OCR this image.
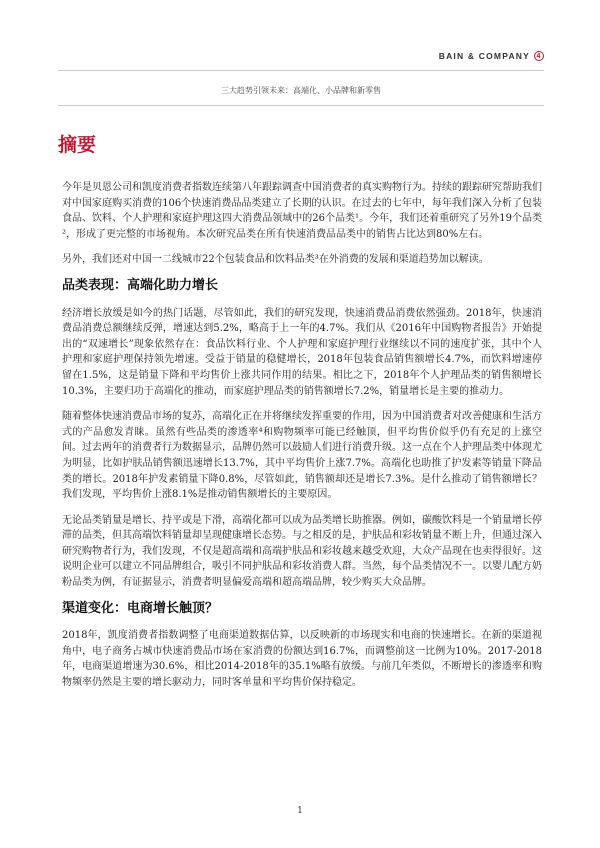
BAIN & COMPANY 4
三大趋势引领未来：高端化、小品牌和新零售
摘要

今年是贝恩公司和凯度消费者指数连续第八年跟踪调查中国消费者的真实购物行为。持续的跟踪研究帮助我们对中国家庭购买消费的106个快速消费品品类建立了长期的认识。在过去的七年中，每年我们深入分析了包装食品、饮料、个人护理和家庭护理这四大消费品领域中的26个品类¹。今年，我们还着重研究了另外19个品类²，形成了更完整的市场视角。本次研究品类在所有快速消费品品类中的销售占比达到80%左右。

另外，我们还对中国一二线城市22个包装食品和饮料品类³在外消费的发展和渠道趋势加以解读。

品类表现：高端化助力增长

经济增长放缓是如今的热门话题，尽管如此，我们的研究发现，快速消费品消费依然强劲。2018年，快速消费品消费总额继续反弹，增速达到5.2%，略高于上一年的4.7%。我们从《2016年中国购物者报告》开始提出的“双速增长”现象依然存在：食品饮料行业、个人护理和家庭护理行业继续以不同的速度扩张，其中个人护理和家庭护理保持领先增速。受益于销量的稳健增长，2018年包装食品销售额增长4.7%，而饮料增速停留在1.5%，这是销量下降和平均售价上涨共同作用的结果。相比之下，2018年个人护理品类的销售额增长10.3%，主要归功于高端化的推动，而家庭护理品类的销售额增长7.2%，销量增长是主要的推动力。

随着整体快速消费品市场的复苏，高端化正在并将继续发挥重要的作用，因为中国消费者对改善健康和生活方式的产品愈发青睐。虽然有些品类的渗透率⁴和购物频率可能已经触顶，但平均售价似乎仍有充足的上涨空间。过去两年的消费者行为数据显示，品牌仍然可以鼓励人们进行消费升级。这一点在个人护理品类中体现尤为明显，比如护肤品销售额迅速增长13.7%，其中平均售价上涨7.7%。高端化也助推了护发素等销量下降品类的增长。2018年护发素销量下降0.8%，尽管如此，销售额却还是增长7.3%。是什么推动了销售额增长？我们发现，平均售价上涨8.1%是推动销售额增长的主要原因。

无论品类销量是增长、持平或是下滑，高端化都可以成为品类增长助推器。例如，碳酸饮料是一个销量增长停滞的品类，但其高端饮料销量却呈现健康增长态势。与之相反的是，护肤品和彩妆销量不断上升，但通过深入研究购物者行为，我们发现，不仅是超高端和高端护肤品和彩妆越来越受欢迎，大众产品现在也卖得很好。这说明企业可以建立不同品牌组合，吸引不同护肤品和彩妆消费人群。当然，每个品类情况不一。以婴儿配方奶粉品类为例，有证据显示，消费者明显偏爱高端和超高端品牌，较少购买大众品牌。

渠道变化：电商增长触顶？

2018年，凯度消费者指数调整了电商渠道数据估算，以反映新的市场现实和电商的快速增长。在新的渠道视角中，电子商务占城市快速消费品市场在家消费的份额达到16.7%，而调整前这一比例为10%。2017-2018年，电商渠道增速为30.6%，相比2014-2018年的35.1%略有放缓。与前几年类似，不断增长的渗透率和购物频率仍然是主要的增长驱动力，同时客单量和平均售价保持稳定。

1
